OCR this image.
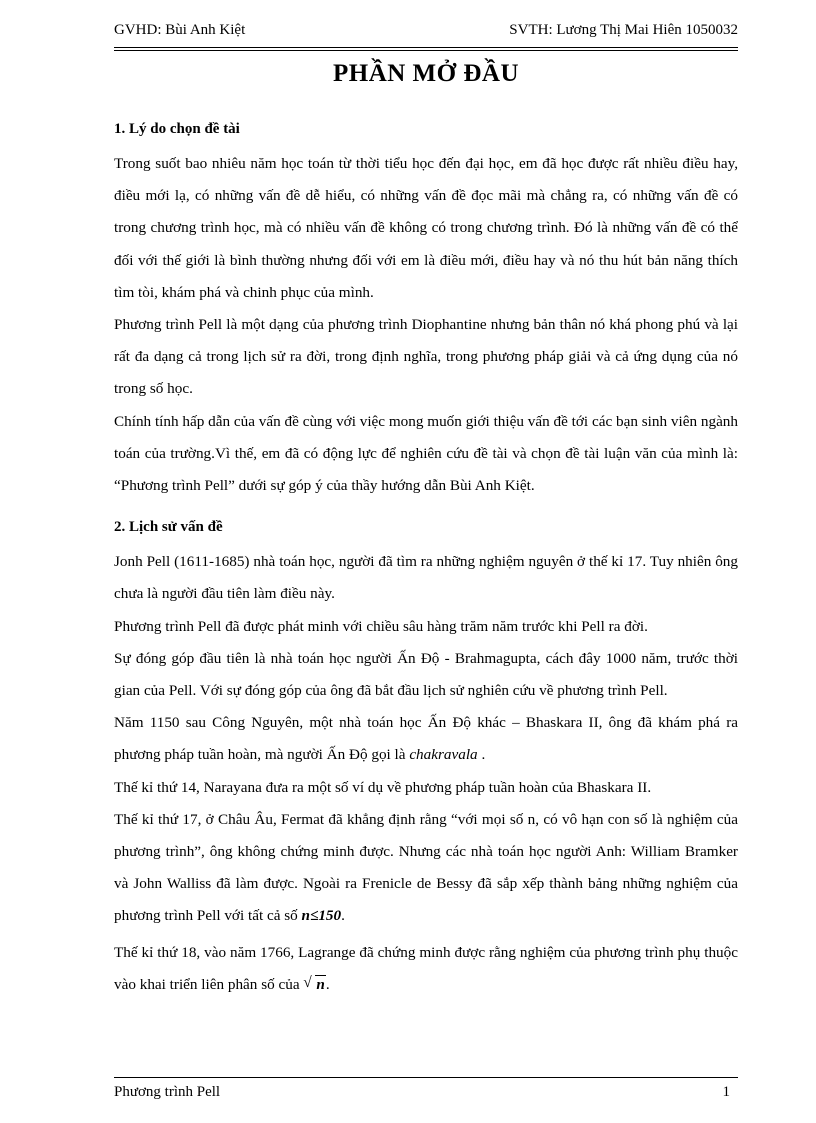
GVHD: Bùi Anh Kiệt	SVTH: Lương Thị Mai Hiên 1050032
PHẦN MỞ ĐẦU

1. Lý do chọn đề tài

Trong suốt bao nhiêu năm học toán từ thời tiểu học đến đại học, em đã học được rất nhiều điều hay, điều mới lạ, có những vấn đề dễ hiểu, có những vấn đề đọc mãi mà chẳng ra, có những vấn đề có trong chương trình học, mà có nhiều vấn đề không có trong chương trình. Đó là những vấn đề có thể đối với thế giới là bình thường nhưng đối với em là điều mới, điều hay và nó thu hút bản năng thích tìm tòi, khám phá và chinh phục của mình.

Phương trình Pell là một dạng của phương trình Diophantine nhưng bản thân nó khá phong phú và lại rất đa dạng cả trong lịch sử ra đời, trong định nghĩa, trong phương pháp giải và cả ứng dụng của nó trong số học.

Chính tính hấp dẫn của vấn đề cùng với việc mong muốn giới thiệu vấn đề tới các bạn sinh viên ngành toán của trường.Vì thế, em đã có động lực để nghiên cứu đề tài và chọn đề tài luận văn của mình là: “Phương trình Pell” dưới sự góp ý của thầy hướng dẫn Bùi Anh Kiệt.

2. Lịch sử vấn đề

Jonh Pell (1611-1685) nhà toán học, người đã tìm ra những nghiệm nguyên ở thế kỉ 17. Tuy nhiên ông chưa là người đầu tiên làm điều này.

Phương trình Pell đã được phát minh với chiều sâu hàng trăm năm trước khi Pell ra đời.

Sự đóng góp đầu tiên là nhà toán học người Ấn Độ - Brahmagupta, cách đây 1000 năm, trước thời gian của Pell. Với sự đóng góp của ông đã bắt đầu lịch sử nghiên cứu về phương trình Pell.

Năm 1150 sau Công Nguyên, một nhà toán học Ấn Độ khác – Bhaskara II, ông đã khám phá ra phương pháp tuần hoàn, mà người Ấn Độ gọi là chakravala .

Thế kỉ thứ 14, Narayana đưa ra một số ví dụ về phương pháp tuần hoàn của Bhaskara II.

Thế kỉ thứ 17, ở Châu Âu, Fermat đã khẳng định rằng “với mọi số n, có vô hạn con số là nghiệm của phương trình”, ông không chứng minh được. Nhưng các nhà toán học người Anh: William Bramker và John Walliss đã làm được. Ngoài ra Frenicle de Bessy đã sắp xếp thành bảng những nghiệm của phương trình Pell với tất cả số n≤150.

Thế kỉ thứ 18, vào năm 1766, Lagrange đã chứng minh được rằng nghiệm của phương trình phụ thuộc vào khai triển liên phân số của √ n.

Phương trình Pell	1
